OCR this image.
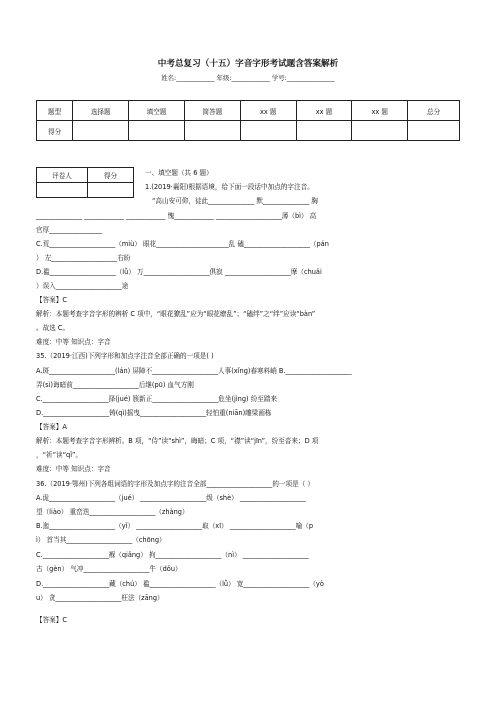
中考总复习（十五）字音字形考试题含答案解析
姓名:____________ 年级:____________ 学号:_______________
题型	选择题	填空题	简答题	xx 题	xx 题	xx 题	总分
得分							
评卷人	得分
		一、填空题（共 6 题）
1.(2019·襄阳)根据语境，给下面一段话中加点的字注音。
“高山安可仰，徒此______________ 默______________ 胸
______________ ____________ ____________ 愧____________ ____________________薄（bì） 高
官厚________________
C.荒____________________（miù） 眼花______________________乱 磕____________________（pán
） 左____________________右盼
D.褴____________________（lǚ） 万____________________俱寂 ____________________摩（chuǎi
）误入____________________途
【答案】C
解析：本题考查字音字形的辨析 C 项中，“眼花獠乱”应为“眼花缭乱”；“磕绊”之“绊”应读“bàn”
。故选 C。
难度：中等 知识点：字音
35.（2019·江西)下列字形和加点字注音全部正确的一项是( )
A.斑____________________(lán) 屏障不____________________人事(xǐng)春寒料峭 B.____________________
弄(sì)诲暗前____________________后继(pū) 血气方刚
C.____________________择(jué) 簇新正____________________危坐(jìng) 纷至踏来
D.____________________铸(qì)摇曳____________________轻怕重(niān)雕梁画栋
【答案】A
解析：本题考查字音字形辨析。B 项，“侍”读“shì”，晦暗；C 项，“襟”读“jīn”，纷至沓来；D 项
，“祈”读“qǐ”。
难度：中等 知识点：字音
36.（2019·鄂州)下列各组词语的字形及加点字的注音全部____________________的一项是（ ）
A.诡____________________（jué） ____________________级（shè） ____________________
望（liào） 重峦迭____________________（zhàng）
B.迤____________________（yǐ） ____________________取（xī） ____________________喻（p
ì） 首当其____________________（chōng）
C.____________________褓（qiǎng） 拘____________________（nì） ____________________
古（gèn） 气冲____________________牛（dǒu）
D.____________________藏（chú） 褴____________________（lǚ） 宽____________________（yò
u） 贪____________________枉法（zāng）
【答案】C
